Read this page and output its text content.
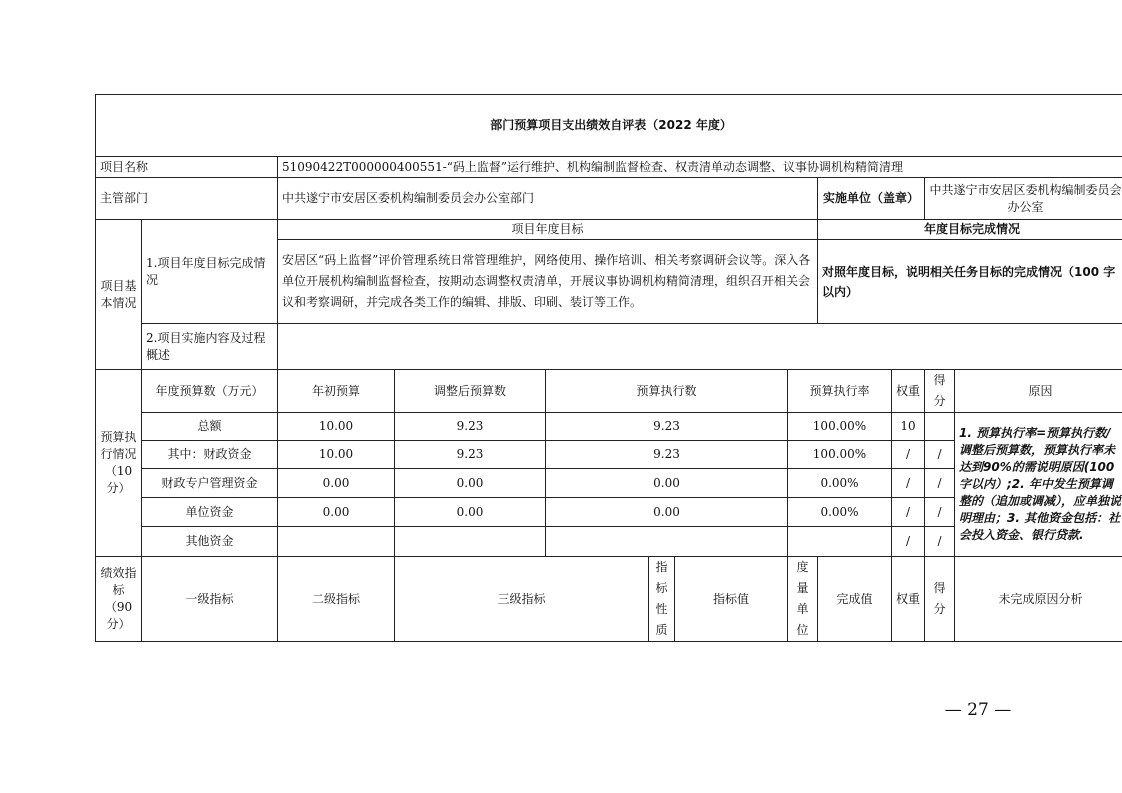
部门预算项目支出绩效自评表（2022 年度）											
项目名称		51090422T000000400551-“码上监督”运行维护、机构编制监督检查、权责清单动态调整、议事协调机构精简清理									
主管部门		中共遂宁市安居区委机构编制委员会办公室部门						实施单位（盖章）		中共遂宁市安居区委机构编制委员会办公室	
项目基本情况	1.项目年度目标完成情况	项目年度目标						年度目标完成情况			
		安居区“码上监督”评价管理系统日常管理维护，网络使用、操作培训、相关考察调研会议等。深入各单位开展机构编制监督检查，按期动态调整权责清单，开展议事协调机构精简清理，组织召开相关会议和考察调研，并完成各类工作的编辑、排版、印刷、装订等工作。						对照年度目标，说明相关任务目标的完成情况（100 字以内）			
	2.项目实施内容及过程概述										
预算执行情况（10分）	年度预算数（万元）	年初预算	调整后预算数	预算执行数			预算执行率		权重	得分	原因
	总额	10.00	9.23	9.23			100.00%		10		1. 预算执行率=预算执行数/调整后预算数，预算执行率未达到90%的需说明原因(100 字以内）;2. 年中发生预算调整的（追加或调减），应单独说明理由；3. 其他资金包括：社会投入资金、银行贷款.
	其中：财政资金	10.00	9.23	9.23			100.00%		/	/	
	财政专户管理资金	0.00	0.00	0.00			0.00%		/	/	
	单位资金	0.00	0.00	0.00			0.00%		/	/	
	其他资金								/	/	
绩效指标（90分）	一级指标	二级指标	三级指标		指标性质	指标值	度量单位	完成值	权重	得分	未完成原因分析
— 27 —
